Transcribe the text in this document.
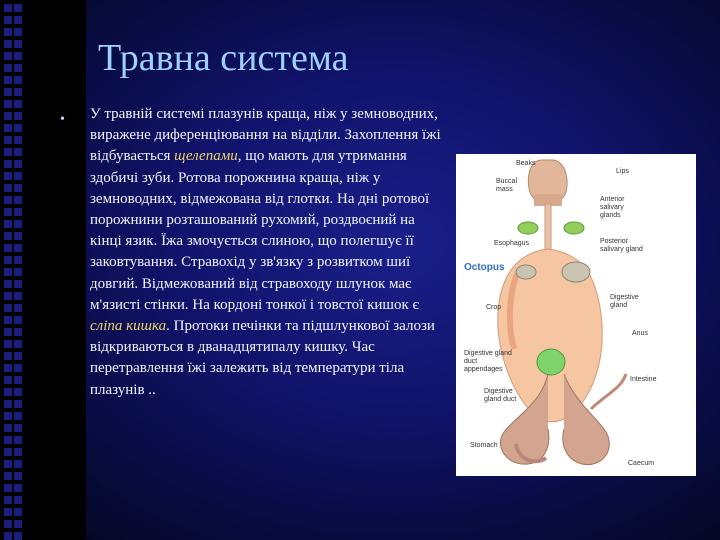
Травна система
• У травній системі плазунів краща, ніж у земноводних, виражене диференціювання на відділи. Захоплення їжі відбувається щелепами, що мають для утримання здобичі зуби. Ротова порожнина краща, ніж у земноводних, відмежована від глотки. На дні ротової порожнини розташований рухомий, роздвоєний на кінці язик. Їжа змочується слиною, що полегшує її заковтування. Стравохід у зв'язку з розвитком шиї довгий. Відмежований від стравоходу шлунок має м'язисті стінки. На кордоні тонкої і товстої кишок є сліпа кишка. Протоки печінки та підшлункової залози відкриваються в дванадцятипалу кишку. Час перетравлення їжі залежить від температури тіла плазунів ..
Octopus
Beaks
Lips
Buccal mass
Anterior salivary glands
Esophagus	Posterior salivary gland
Crop
Digestive gland
Anus
Digestive gland duct appendages
Intestine
Digestive gland duct
Stomach
Caecum
